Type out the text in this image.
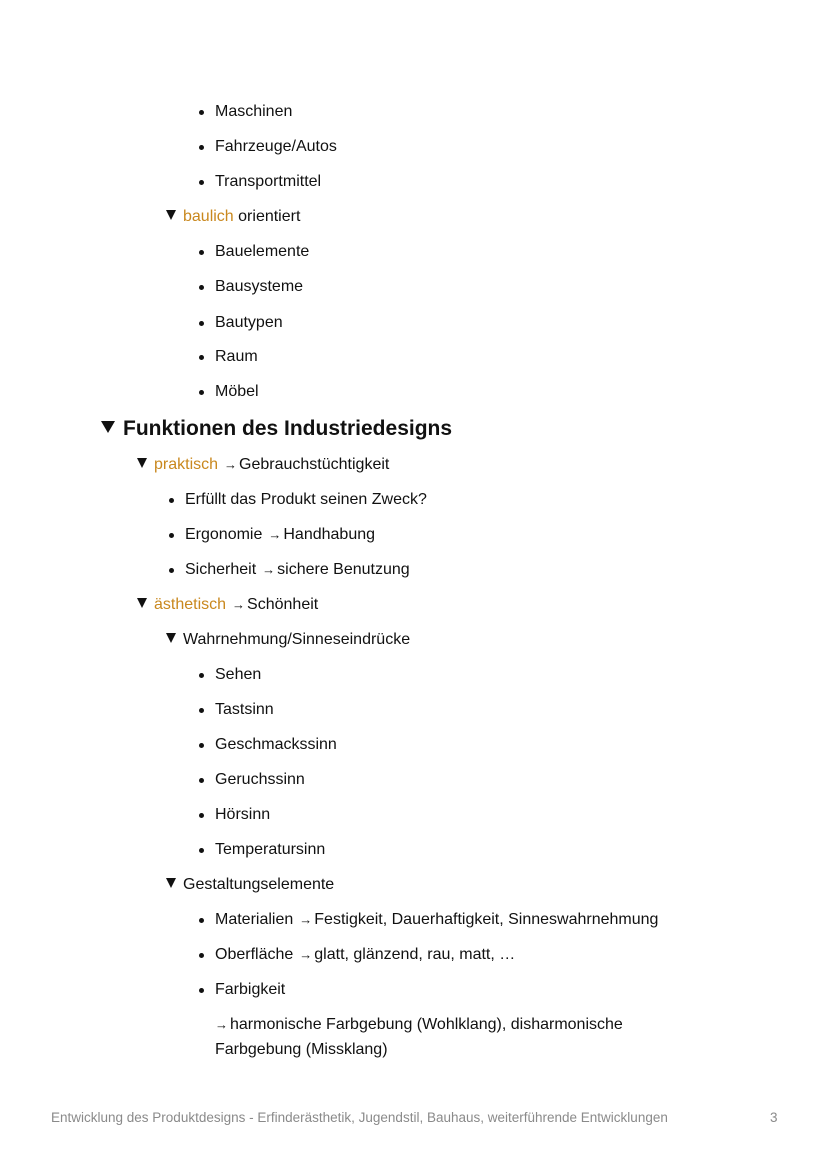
Maschinen
Fahrzeuge/Autos
Transportmittel
baulich orientiert
Bauelemente
Bausysteme
Bautypen
Raum
Möbel
Funktionen des Industriedesigns
praktisch → Gebrauchstüchtigkeit
Erfüllt das Produkt seinen Zweck?
Ergonomie → Handhabung
Sicherheit → sichere Benutzung
ästhetisch → Schönheit
Wahrnehmung/Sinneseindrücke
Sehen
Tastsinn
Geschmackssinn
Geruchssinn
Hörsinn
Temperatursinn
Gestaltungselemente
Materialien → Festigkeit, Dauerhaftigkeit, Sinneswahrnehmung
Oberfläche → glatt, glänzend, rau, matt, …
Farbigkeit
→ harmonische Farbgebung (Wohlklang), disharmonische Farbgebung (Missklang)
Entwicklung des Produktdesigns - Erfinderästhetik, Jugendstil, Bauhaus, weiterführende Entwicklungen	3
